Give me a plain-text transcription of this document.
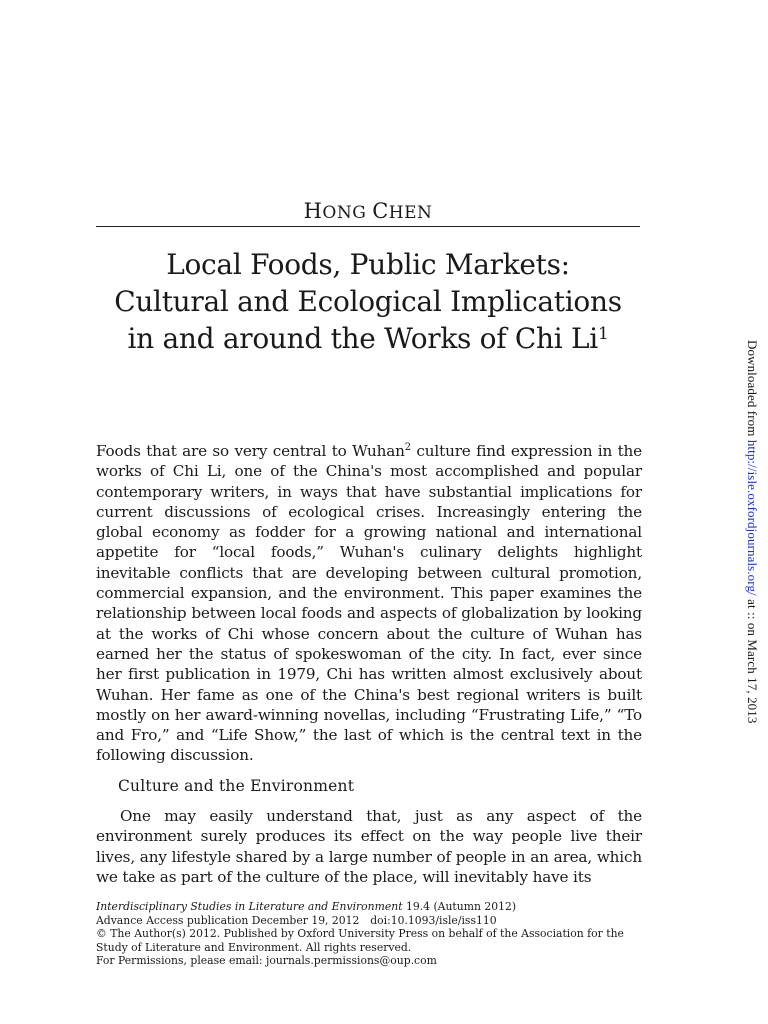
HONG CHEN
Local Foods, Public Markets:
Cultural and Ecological Implications
in and around the Works of Chi Li$^1$
Foods that are so very central to Wuhan$^2$ culture find expression in the works of Chi Li, one of the China's most accomplished and popular contemporary writers, in ways that have substantial implications for current discussions of ecological crises. Increasingly entering the global economy as fodder for a growing national and international appetite for “local foods,” Wuhan's culinary delights highlight inevitable conflicts that are developing between cultural promotion, commercial expansion, and the environment. This paper examines the relationship between local foods and aspects of globalization by looking at the works of Chi whose concern about the culture of Wuhan has earned her the status of spokeswoman of the city. In fact, ever since her first publication in 1979, Chi has written almost exclusively about Wuhan. Her fame as one of the China's best regional writers is built mostly on her award-winning novellas, including “Frustrating Life,” “To and Fro,” and “Life Show,” the last of which is the central text in the following discussion.
Culture and the Environment
One may easily understand that, just as any aspect of the environment surely produces its effect on the way people live their lives, any lifestyle shared by a large number of people in an area, which we take as part of the culture of the place, will inevitably have its
Interdisciplinary Studies in Literature and Environment 19.4 (Autumn 2012)
Advance Access publication December 19, 2012 doi:10.1093/isle/iss110
© The Author(s) 2012. Published by Oxford University Press on behalf of the Association for the
Study of Literature and Environment. All rights reserved.
For Permissions, please email: journals.permissions@oup.com
Downloaded from http://isle.oxfordjournals.org/ at :: on March 17, 2013
